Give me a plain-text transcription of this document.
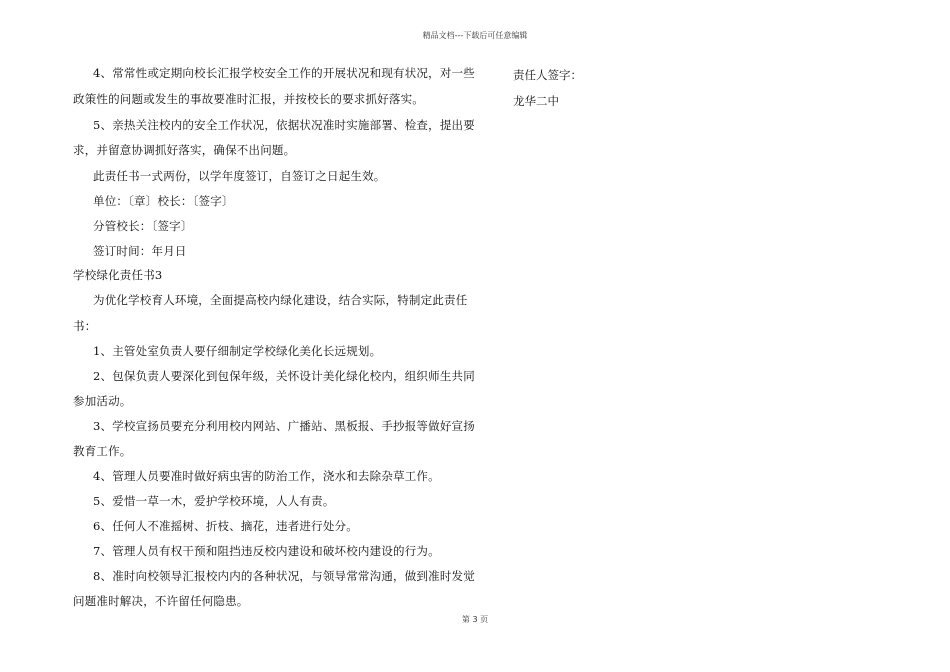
精品文档---下载后可任意编辑
4、常常性或定期向校长汇报学校安全工作的开展状况和现有状况，对一些
政策性的问题或发生的事故要准时汇报，并按校长的要求抓好落实。
5、亲热关注校内的安全工作状况，依据状况准时实施部署、检查，提出要
求，并留意协调抓好落实，确保不出问题。
此责任书一式两份，以学年度签订，自签订之日起生效。
单位：〔章〕校长：〔签字〕
分管校长：〔签字〕
签订时间：年月日
学校绿化责任书3
为优化学校育人环境，全面提高校内绿化建设，结合实际，特制定此责任
书：
1、主管处室负责人要仔细制定学校绿化美化长远规划。
2、包保负责人要深化到包保年级，关怀设计美化绿化校内，组织师生共同
参加活动。
3、学校宣扬员要充分利用校内网站、广播站、黑板报、手抄报等做好宣扬
教育工作。
4、管理人员要准时做好病虫害的防治工作，浇水和去除杂草工作。
5、爱惜一草一木，爱护学校环境，人人有责。
6、任何人不准摇树、折枝、摘花，违者进行处分。
7、管理人员有权干预和阻挡违反校内建设和破坏校内建设的行为。
8、准时向校领导汇报校内内的各种状况，与领导常常沟通，做到准时发觉
问题准时解决，不许留任何隐患。
责任人签字：
龙华二中
第 3 页
